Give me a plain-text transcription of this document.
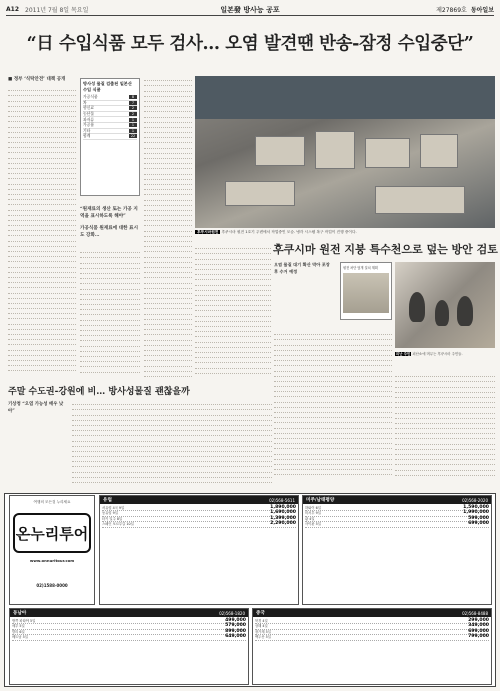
A12 2011년 7월 8일 목요일	일본發 방사능 공포	제27869호 동아일보
“日 수입식품 모두 검사… 오염 발견땐 반송-잠정 수입중단”
■ 정부 ‘식탁안전’ 대책 공개
방사성 물질 검출된 일본산 수입 식품
가공식품	8
차	7
향신료	2
농산물	2
과자류	1
가공품	1
기타	1
합계	22

“원재료의 생산 또는 가공 지역을 표시하도록 해야”

가공식품 원재료에 대한 표시도 강화…

후쿠시마원전 후쿠시마 원전 1호기 주변에서 작업중인 모습. 냉각 시스템 복구 작업이 진행 중이다.
후쿠시마 원전 지붕 특수천으로 덮는 방안 검토
오염 물질 대기 확산 막아 포장 후 수거 예정
원전 차단 덮개 설치 계획
피난 주민 피난소에 머무는 후쿠시마 주민들.
주말 수도권-강원에 비… 방사성물질 괜찮을까
기상청 “오염 가능성 매우 낮아”
여행의 모든것 누리세요
온누리투어
www.onnuritour.com
02)1588-0000
유럽	02)568-5611
서유럽 4국 9일	1,890,000
동유럽 9일	1,690,000
터키 일주 8일	1,399,000
스페인 포르투갈 10일	2,290,000
미주/남태평양	02)568-2020
하와이 6일	1,590,000
미서부 9일	1,990,000
괌 4일	599,000
사이판 5일	699,000
동남아	02)568-1820
방콕 파타야 5일	499,000
세부 5일	579,000
발리 6일	899,000
베트남 5일	649,000
중국	02)568-8488
북경 4일	299,000
상해 4일	349,000
장가계 5일	699,000
백두산 5일	799,000
